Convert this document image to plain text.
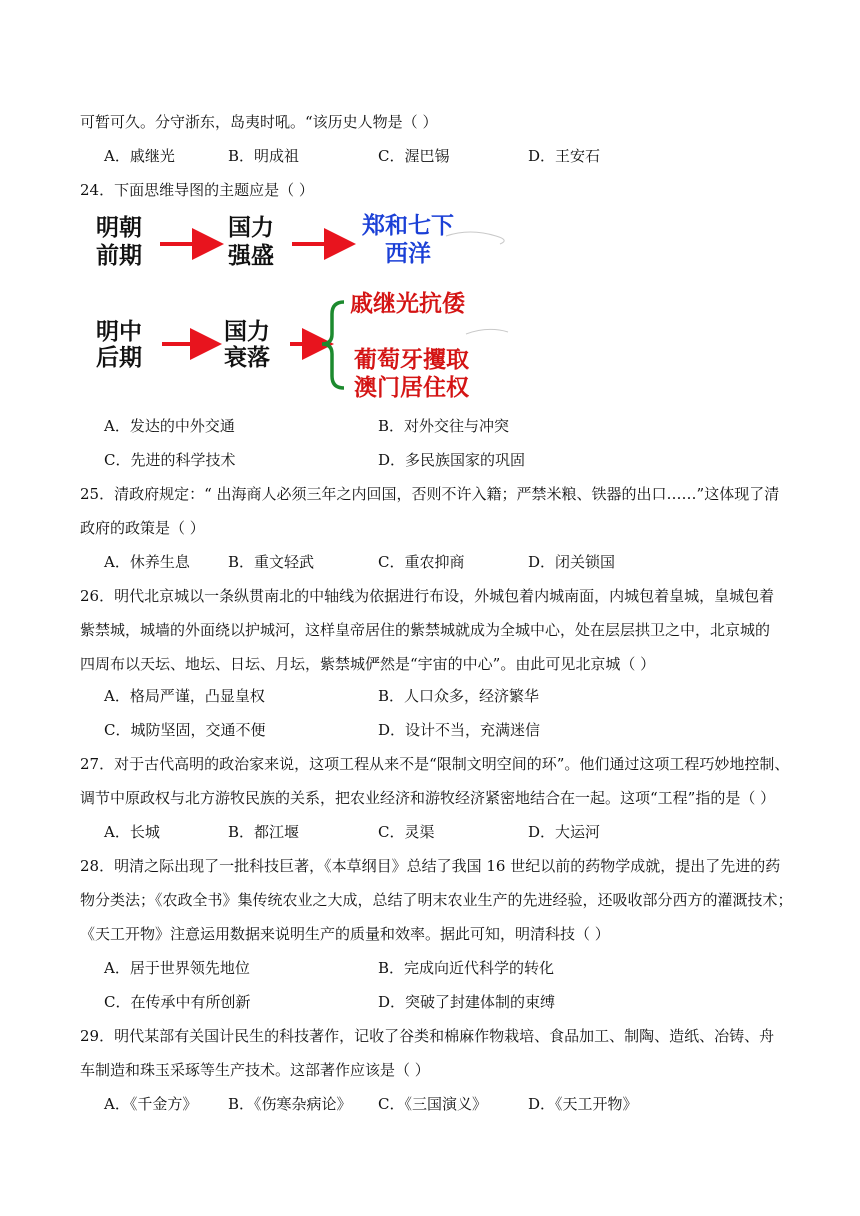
可暂可久。分守浙东，岛夷时吼。“该历史人物是（ ）
A．戚继光	B．明成祖	C．渥巴锡	D．王安石
24．下面思维导图的主题应是（ ）
明朝
前期
国力
强盛
郑和七下
西洋
明中
后期
国力
衰落
戚继光抗倭
葡萄牙攫取
澳门居住权
A．发达的中外交通	B．对外交往与冲突
C．先进的科学技术	D．多民族国家的巩固
25．清政府规定：“ 出海商人必须三年之内回国，否则不许入籍；严禁米粮、铁器的出口……”这体现了清
政府的政策是（ ）
A．休养生息	B．重文轻武	C．重农抑商	D．闭关锁国
26．明代北京城以一条纵贯南北的中轴线为依据进行布设，外城包着内城南面，内城包着皇城，皇城包着
紫禁城，城墙的外面绕以护城河，这样皇帝居住的紫禁城就成为全城中心，处在层层拱卫之中，北京城的
四周布以天坛、地坛、日坛、月坛，紫禁城俨然是“宇宙的中心”。由此可见北京城（ ）
A．格局严谨，凸显皇权	B．人口众多，经济繁华
C．城防坚固，交通不便	D．设计不当，充满迷信
27．对于古代高明的政治家来说，这项工程从来不是“限制文明空间的环”。他们通过这项工程巧妙地控制、
调节中原政权与北方游牧民族的关系，把农业经济和游牧经济紧密地结合在一起。这项“工程”指的是（ ）
A．长城	B．都江堰	C．灵渠	D．大运河
28．明清之际出现了一批科技巨著，《本草纲目》总结了我国 16 世纪以前的药物学成就，提出了先进的药
物分类法；《农政全书》集传统农业之大成，总结了明末农业生产的先进经验，还吸收部分西方的灌溉技术；
《天工开物》注意运用数据来说明生产的质量和效率。据此可知，明清科技（ ）
A．居于世界领先地位	B．完成向近代科学的转化
C．在传承中有所创新	D．突破了封建体制的束缚
29．明代某部有关国计民生的科技著作，记收了谷类和棉麻作物栽培、食品加工、制陶、造纸、冶铸、舟
车制造和珠玉采琢等生产技术。这部著作应该是（ ）
A．《千金方》 B．《伤寒杂病论》 C．《三国演义》	D．《天工开物》
